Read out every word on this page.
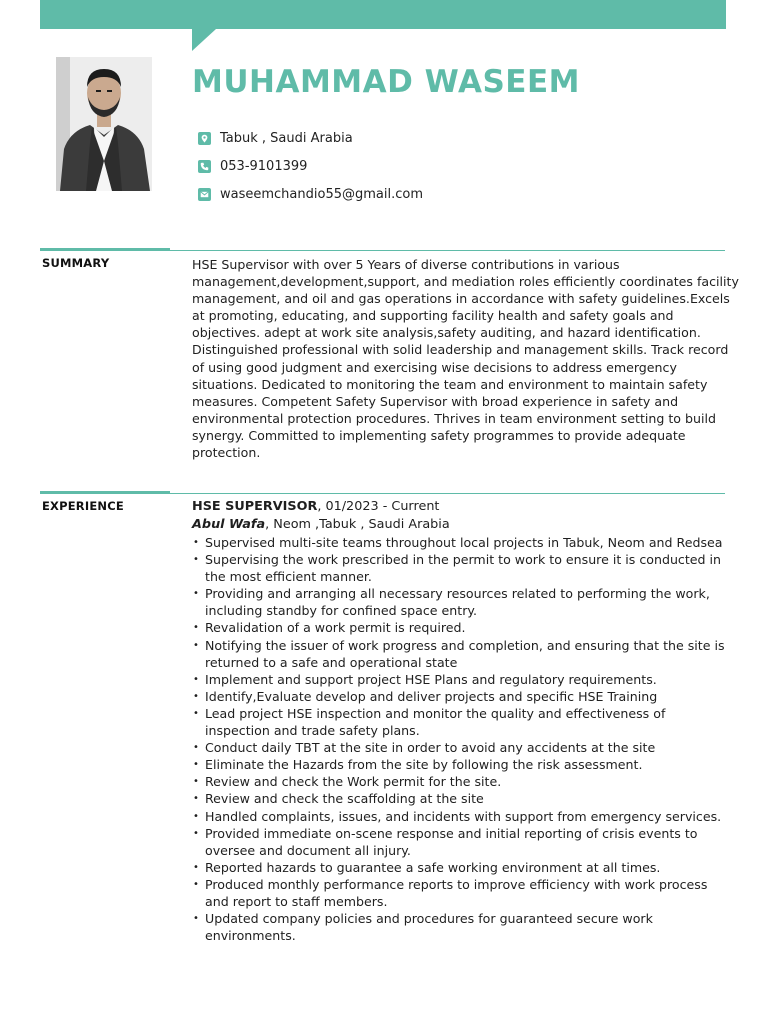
MUHAMMAD WASEEM
Tabuk , Saudi Arabia
053-9101399
waseemchandio55@gmail.com
SUMMARY	HSE Supervisor with over 5 Years of diverse contributions in various management,development,support, and mediation roles efficiently coordinates facility management, and oil and gas operations in accordance with safety guidelines.Excels at promoting, educating, and supporting facility health and safety goals and objectives. adept at work site analysis,safety auditing, and hazard identification. Distinguished professional with solid leadership and management skills. Track record of using good judgment and exercising wise decisions to address emergency situations. Dedicated to monitoring the team and environment to maintain safety measures. Competent Safety Supervisor with broad experience in safety and environmental protection procedures. Thrives in team environment setting to build synergy. Committed to implementing safety programmes to provide adequate protection.

EXPERIENCE	HSE SUPERVISOR, 01/2023 - Current
Abul Wafa, Neom ,Tabuk , Saudi Arabia
• Supervised multi-site teams throughout local projects in Tabuk, Neom and Redsea
• Supervising the work prescribed in the permit to work to ensure it is conducted in the most efficient manner.
• Providing and arranging all necessary resources related to performing the work, including standby for confined space entry.
• Revalidation of a work permit is required.
• Notifying the issuer of work progress and completion, and ensuring that the site is returned to a safe and operational state
• Implement and support project HSE Plans and regulatory requirements.
• Identify,Evaluate develop and deliver projects and specific HSE Training
• Lead project HSE inspection and monitor the quality and effectiveness of inspection and trade safety plans.
• Conduct daily TBT at the site in order to avoid any accidents at the site
• Eliminate the Hazards from the site by following the risk assessment.
• Review and check the Work permit for the site.
• Review and check the scaffolding at the site
• Handled complaints, issues, and incidents with support from emergency services.
• Provided immediate on-scene response and initial reporting of crisis events to oversee and document all injury.
• Reported hazards to guarantee a safe working environment at all times.
• Produced monthly performance reports to improve efficiency with work process and report to staff members.
• Updated company policies and procedures for guaranteed secure work environments.
